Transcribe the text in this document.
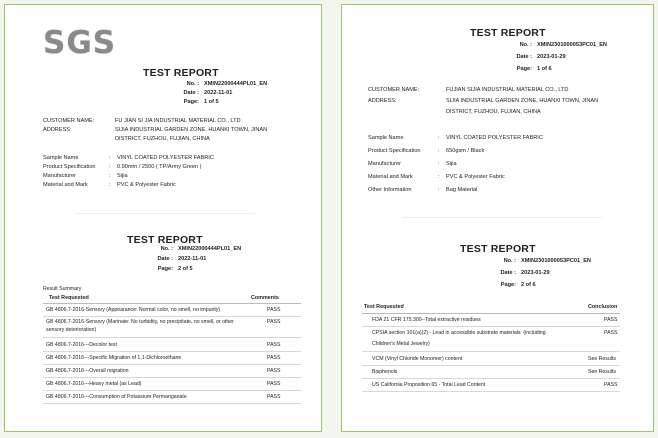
SGS
TEST REPORT
No. : XMIN22000444PL01_EN
Date : 2022-11-01
Page: 1 of 5
CUSTOMER NAME:	FU JIAN SI JIA INDUSTRIAL MATERIAL CO., LTD
ADDRESS:	SIJIA INDUSTRIAL GARDEN ZONE, HUANKI TOWN, JINAN
DISTRICT, FUZHOU, FUJIAN, CHINA
Sample Name	: VINYL COATED POLYESTER FABRIC
Product Specification : 0.90mm / 2500 ( TP/Army Green )
Manufacturer	: Sijia
Material and Mark	: PVC & Polyester Fabric
TEST REPORT
No. : XMIN22000444PL01_EN
Date : 2022-11-01
Page: 2 of 5
Result Summary
Test Requested	Comments
GB 4806.7-2016-Sensory (Appearance: Normal color, no smell, no impurity)	PASS
GB 4806.7-2016-Sensory (Marinate: No turbidity, no precipitate, no smell, or other
sensory deterioration)
PASS
GB 4806.7-2016---Decolor test	PASS
GB 4806.7-2016---Specific Migration of 1,1-Dichloroethane	PASS
GB 4806.7-2016---Overall migration	PASS
GB 4806.7-2016---Heavy metal (as Lead)	PASS
GB 4806.7-2016---Consumption of Potassium Permanganate	PASS
TEST REPORT
No. : XMIN2301000053PC01_EN
Date : 2023-01-29
Page: 1 of 6
CUSTOMER NAME:	FUJIAN SIJIA INDUSTRIAL MATERIAL CO., LTD
ADDRESS:	SIJIA INDUSTRIAL GARDEN ZONE, HUANXI TOWN, JINAN
DISTRICT, FUZHOU, FUJIAN, CHINA
Sample Name	: VINYL COATED POLYESTER FABRIC
Product Specification	: 650gsm / Black
Manufacturer	: Sijia
Material and Mark	: PVC & Polyester Fabric
Other Information	: Bag Material
TEST REPORT
No. : XMIN2301000053PC01_EN
Date : 2023-01-29
Page: 2 of 6
Test Requested	Conclusion
FDA 21 CFR 175.300--Total extractive residues	PASS
CPSIA section 101(a)(2) - Lead in accessible substrate materials  (including
Children's Metal Jewelry)
PASS
VCM (Vinyl Chloride Monomer) content	See Results
Bisphenols	See Results
US California Proposition 65 - Total Lead Content	PASS
